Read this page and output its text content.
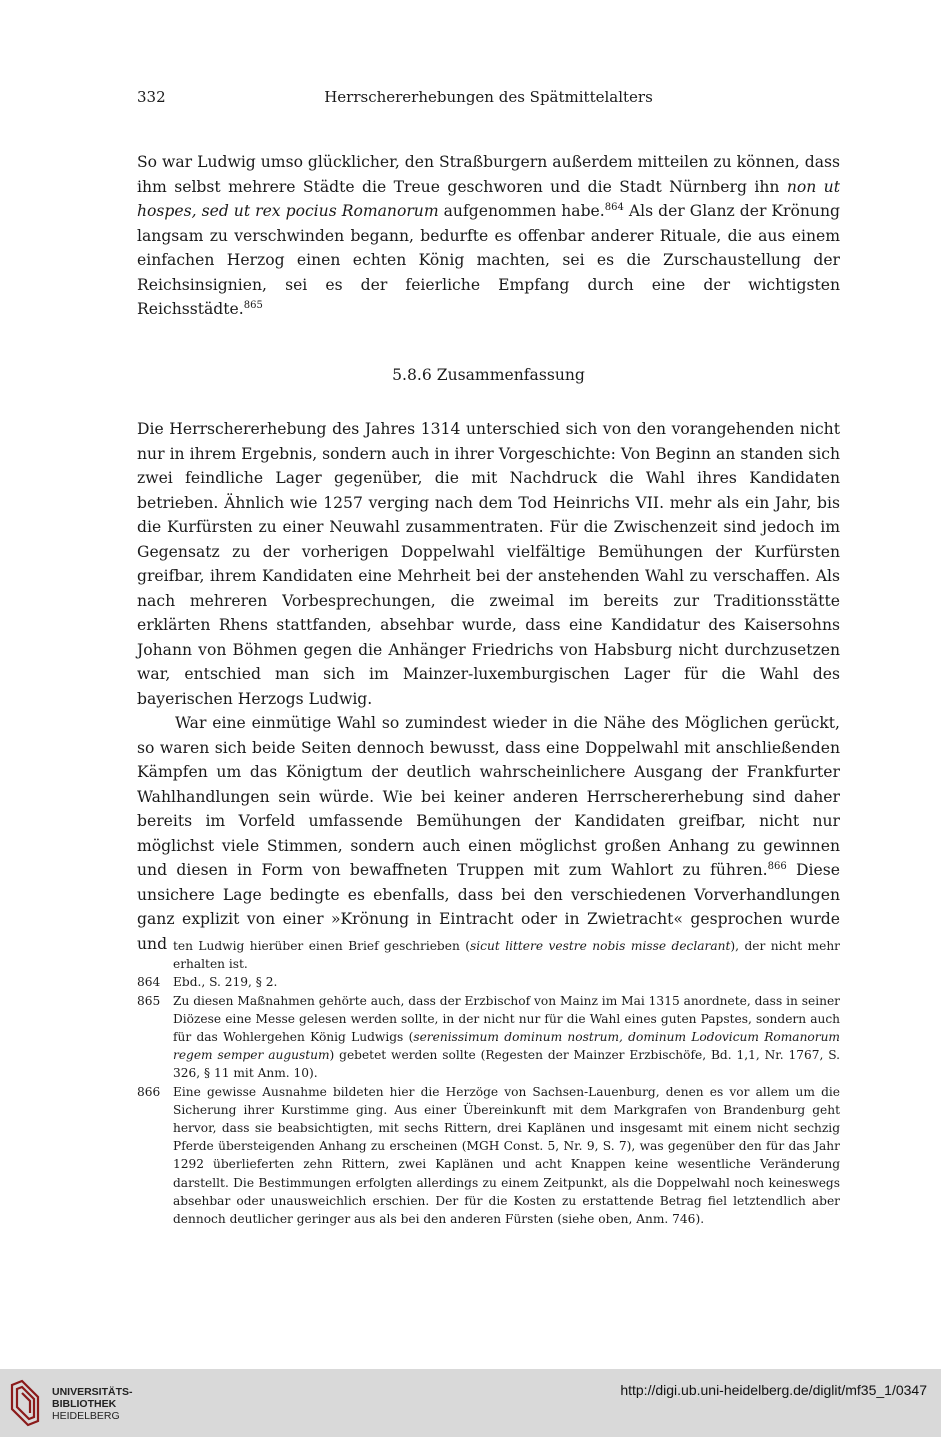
332	Herrschererhebungen des Spätmittelalters

So war Ludwig umso glücklicher, den Straßburgern außerdem mitteilen zu können, dass ihm selbst mehrere Städte die Treue geschworen und die Stadt Nürnberg ihn non ut hospes, sed ut rex pocius Romanorum aufgenommen habe.$^{864}$ Als der Glanz der Krönung langsam zu verschwinden begann, bedurfte es offenbar anderer Rituale, die aus einem einfachen Herzog einen echten König machten, sei es die Zurschaustellung der Reichsinsignien, sei es der feierliche Empfang durch eine der wichtigsten Reichsstädte.$^{865}$

5.8.6 Zusammenfassung

Die Herrschererhebung des Jahres 1314 unterschied sich von den vorangehenden nicht nur in ihrem Ergebnis, sondern auch in ihrer Vorgeschichte: Von Beginn an standen sich zwei feindliche Lager gegenüber, die mit Nachdruck die Wahl ihres Kandidaten betrieben. Ähnlich wie 1257 verging nach dem Tod Heinrichs VII. mehr als ein Jahr, bis die Kurfürsten zu einer Neuwahl zusammentraten. Für die Zwischenzeit sind jedoch im Gegensatz zu der vorherigen Doppelwahl vielfältige Bemühungen der Kurfürsten greifbar, ihrem Kandidaten eine Mehrheit bei der anstehenden Wahl zu verschaffen. Als nach mehreren Vorbesprechungen, die zweimal im bereits zur Traditionsstätte erklärten Rhens stattfanden, absehbar wurde, dass eine Kandidatur des Kaisersohns Johann von Böhmen gegen die Anhänger Friedrichs von Habsburg nicht durchzusetzen war, entschied man sich im Mainzer-luxemburgischen Lager für die Wahl des bayerischen Herzogs Ludwig.

War eine einmütige Wahl so zumindest wieder in die Nähe des Möglichen gerückt, so waren sich beide Seiten dennoch bewusst, dass eine Doppelwahl mit anschließenden Kämpfen um das Königtum der deutlich wahrscheinlichere Ausgang der Frankfurter Wahlhandlungen sein würde. Wie bei keiner anderen Herrschererhebung sind daher bereits im Vorfeld umfassende Bemühungen der Kandidaten greifbar, nicht nur möglichst viele Stimmen, sondern auch einen möglichst großen Anhang zu gewinnen und diesen in Form von bewaffneten Truppen mit zum Wahlort zu führen.$^{866}$ Diese unsichere Lage bedingte es ebenfalls, dass bei den verschiedenen Vorverhandlungen ganz explizit von einer »Krönung in Eintracht oder in Zwietracht« gesprochen wurde und ten Ludwig hierüber einen Brief geschrieben (sicut littere vestre nobis misse declarant), der nicht mehr erhalten ist.

864 Ebd., S. 219, § 2.

865 Zu diesen Maßnahmen gehörte auch, dass der Erzbischof von Mainz im Mai 1315 anordnete, dass in seiner Diözese eine Messe gelesen werden sollte, in der nicht nur für die Wahl eines guten Papstes, sondern auch für das Wohlergehen König Ludwigs (serenissimum dominum nostrum, dominum Lodovicum Romanorum regem semper augustum) gebetet werden sollte (Regesten der Mainzer Erzbischöfe, Bd. 1,1, Nr. 1767, S. 326, § 11 mit Anm. 10).

866 Eine gewisse Ausnahme bildeten hier die Herzöge von Sachsen-Lauenburg, denen es vor allem um die Sicherung ihrer Kurstimme ging. Aus einer Übereinkunft mit dem Markgrafen von Brandenburg geht hervor, dass sie beabsichtigten, mit sechs Rittern, drei Kaplänen und insgesamt mit einem nicht sechzig Pferde übersteigenden Anhang zu erscheinen (MGH Const. 5, Nr. 9, S. 7), was gegenüber den für das Jahr 1292 überlieferten zehn Rittern, zwei Kaplänen und acht Knappen keine wesentliche Veränderung darstellt. Die Bestimmungen erfolgten allerdings zu einem Zeitpunkt, als die Doppelwahl noch keineswegs absehbar oder unausweichlich erschien. Der für die Kosten zu erstattende Betrag fiel letztendlich aber dennoch deutlicher geringer aus als bei den anderen Fürsten (siehe oben, Anm. 746).

UNIVERSITÄTS-
BIBLIOTHEK
HEIDELBERG
http://digi.ub.uni-heidelberg.de/diglit/mf35_1/0347
